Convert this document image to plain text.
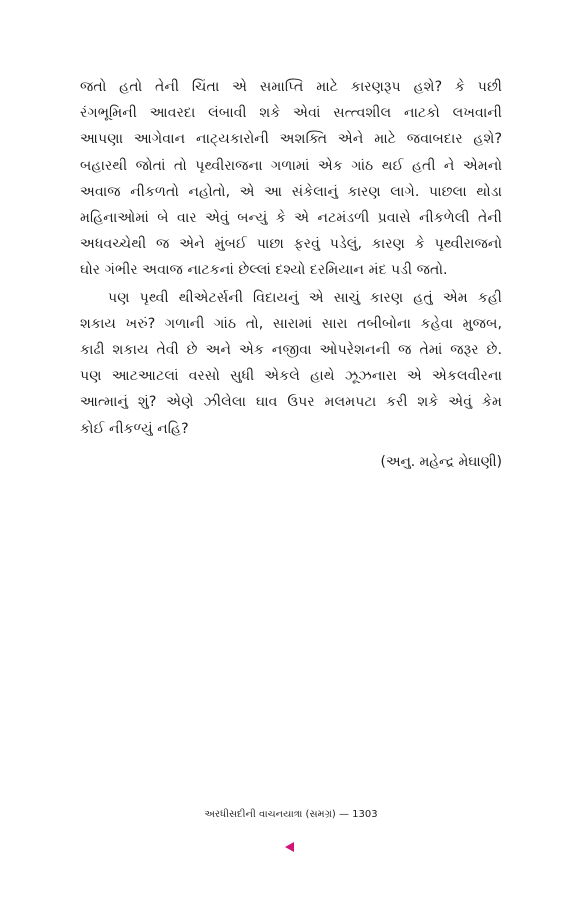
જતો હતો તેની ચિંતા એ સમાપ્તિ માટે કારણરૂપ હશે? કે પછી
રંગભૂમિની આવરદા લંબાવી શકે એવાં સત્ત્વશીલ નાટકો લખવાની
આપણા આગેવાન નાટ્યકારોની અશક્તિ એને માટે જવાબદાર હશે?
બહારથી જોતાં તો પૃથ્વીરાજના ગળામાં એક ગાંઠ થઈ હતી ને એમનો
અવાજ નીકળતો નહોતો, એ આ સંકેલાનું કારણ લાગે. પાછલા થોડા
મહિનાઓમાં બે વાર એવું બન્યું કે એ નટમંડળી પ્રવાસે નીકળેલી તેની
અધવચ્ચેથી જ એને મુંબઈ પાછા ફરવું પડેલું, કારણ કે પૃથ્વીરાજનો
ઘોર ગંભીર અવાજ નાટકનાં છેલ્લાં દશ્યો દરમિયાન મંદ પડી જતો.

પણ પૃથ્વી થીએટર્સની વિદાયનું એ સાચું કારણ હતું એમ કહી
શકાય ખરું? ગળાની ગાંઠ તો, સારામાં સારા તબીબોના કહેવા મુજબ,
કાઢી શકાય તેવી છે અને એક નજીવા ઓપરેશનની જ તેમાં જરૂર છે.
પણ આટઆટલાં વરસો સુધી એકલે હાથે ઝૂઝનારા એ એકલવીરના
આત્માનું શું? એણે ઝીલેલા ઘાવ ઉપર મલમપટા કરી શકે એવું કેમ
કોઈ નીકળ્યું નહિ?

(અનુ. મહેન્દ્ર મેઘાણી)

અરધીસદીની વાચનયાત્રા (સમગ્ર) — 1303
